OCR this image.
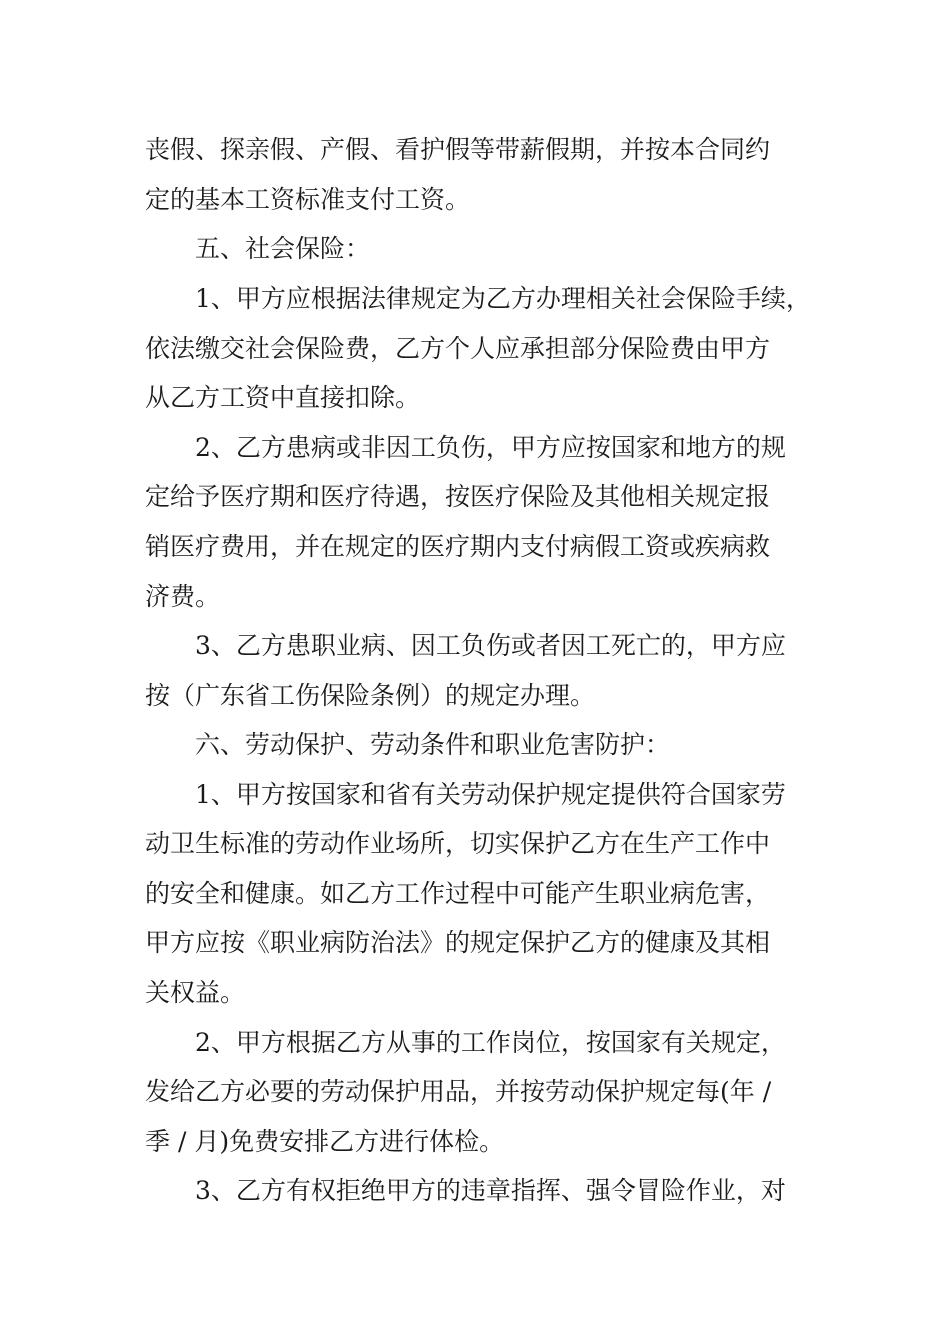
丧假、探亲假、产假、看护假等带薪假期，并按本合同约
定的基本工资标准支付工资。
五、社会保险：
1、甲方应根据法律规定为乙方办理相关社会保险手续，
依法缴交社会保险费，乙方个人应承担部分保险费由甲方
从乙方工资中直接扣除。
2、乙方患病或非因工负伤，甲方应按国家和地方的规
定给予医疗期和医疗待遇，按医疗保险及其他相关规定报
销医疗费用，并在规定的医疗期内支付病假工资或疾病救
济费。
3、乙方患职业病、因工负伤或者因工死亡的，甲方应
按（广东省工伤保险条例）的规定办理。
六、劳动保护、劳动条件和职业危害防护：
1、甲方按国家和省有关劳动保护规定提供符合国家劳
动卫生标准的劳动作业场所，切实保护乙方在生产工作中
的安全和健康。如乙方工作过程中可能产生职业病危害，
甲方应按《职业病防治法》的规定保护乙方的健康及其相
关权益。
2、甲方根据乙方从事的工作岗位，按国家有关规定，
发给乙方必要的劳动保护用品，并按劳动保护规定每(年 /
季 / 月)免费安排乙方进行体检。
3、乙方有权拒绝甲方的违章指挥、强令冒险作业，对
